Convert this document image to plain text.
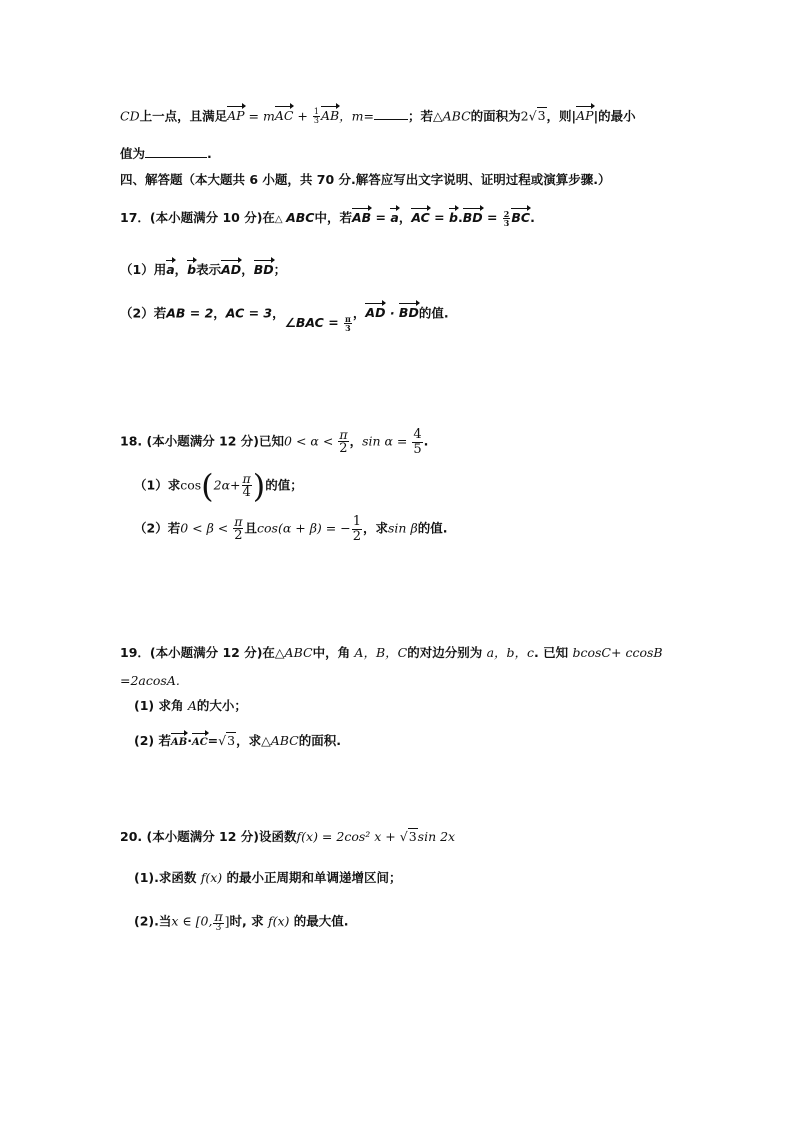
CD上一点，且满足AP = mAC + $\frac{1}{3}$ AB，m=	；若△ABC的面积为2√3，则|AP|的最小
值为	.
四、解答题（本大题共 6 小题，共 70 分.解答应写出文字说明、证明过程或演算步骤.）
17．(本小题满分 10 分)在△ ABC中，若AB = a，AC = $b.BD = \frac{2}{3}$ BC.
（1）用a，b表示AD，BD；
（2）若AB = 2，AC = 3，∠BAC = $\frac{\pi}{3}$
，AD · BD的值.
18. (本小题满分 12 分)已知$0 < \alpha < \frac{\pi}{2}$ ，$\sin \alpha = \frac{4}{5}$ .
（1）求$\cos(2\alpha+ \frac{\pi}{4}$ )的值；
（2）若$0 < \beta < \frac{\pi}{2}$ 且cos(α + β) = − $\frac{1}{2}$ ，求sin β的值.
19．(本小题满分 12 分)在△ABC中，角 A，B，C的对边分别为 a，b，c. 已知 bcosC+ ccosB
=2acosA.
(1) 求角 A的大小；
(2) 若AB·AC=√3，求△ABC的面积.
20. (本小题满分 12 分)设函数f(x) = 2cos² x + √3sin 2x
(1).求函数 f(x) 的最小正周期和单调递增区间；
(2).当x ∈ [0, $\frac{\pi}{3}$ ]时, 求 f(x) 的最大值.
